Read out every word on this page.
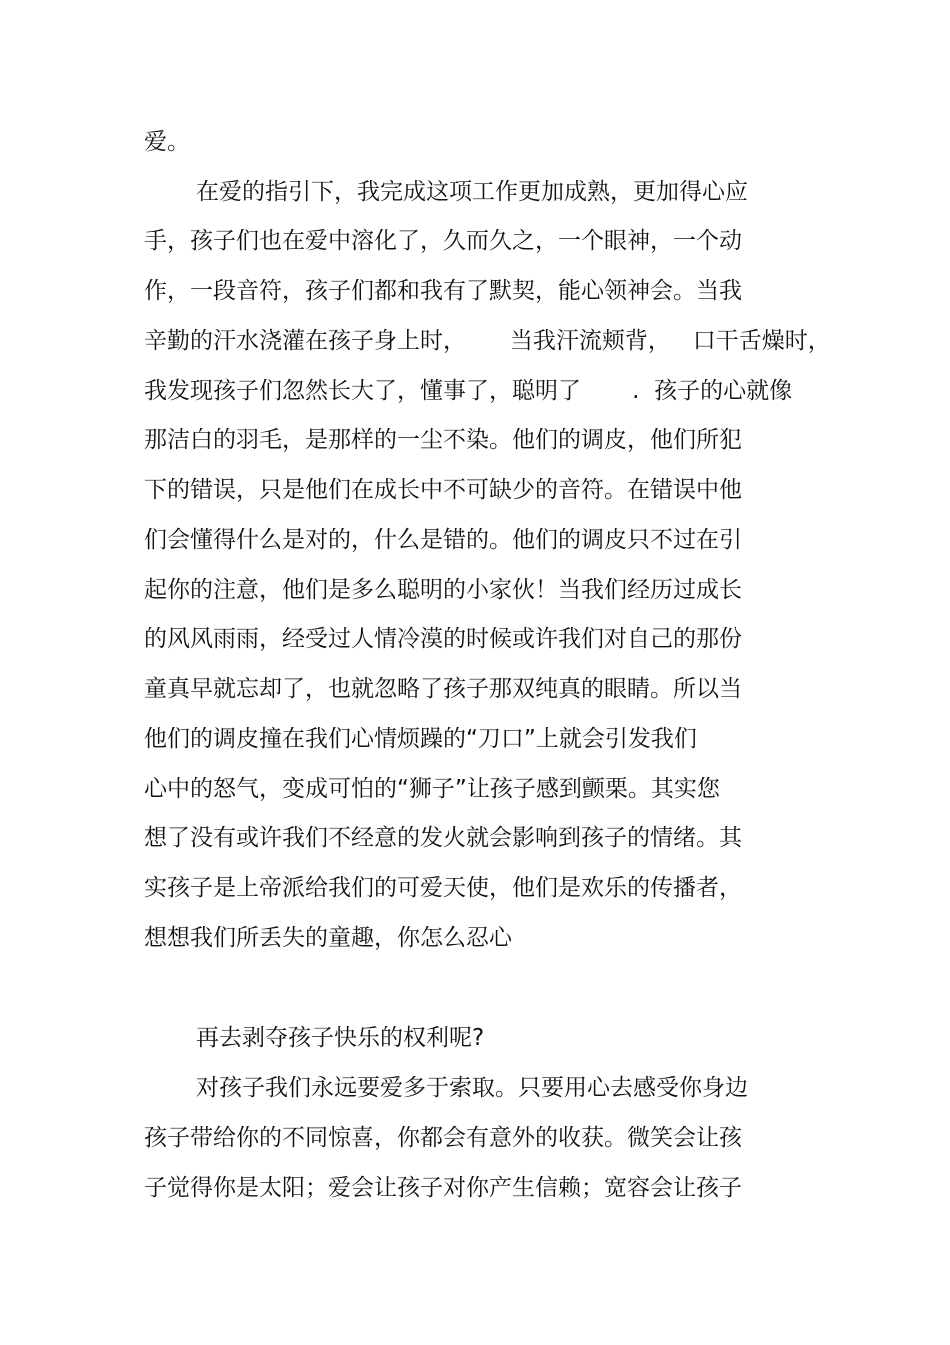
爱。
在爱的指引下，我完成这项工作更加成熟，更加得心应
手，孩子们也在爱中溶化了，久而久之，一个眼神，一个动
作，一段音符，孩子们都和我有了默契，能心领神会。当我
辛勤的汗水浇灌在孩子身上时，      当我汗流颊背，   口干舌燥时，
我发现孩子们忽然长大了，懂事了，聪明了       .  孩子的心就像
那洁白的羽毛，是那样的一尘不染。他们的调皮，他们所犯
下的错误，只是他们在成长中不可缺少的音符。在错误中他
们会懂得什么是对的，什么是错的。他们的调皮只不过在引
起你的注意，他们是多么聪明的小家伙！当我们经历过成长
的风风雨雨，经受过人情冷漠的时候或许我们对自己的那份
童真早就忘却了，也就忽略了孩子那双纯真的眼睛。所以当
他们的调皮撞在我们心情烦躁的“刀口”上就会引发我们
心中的怒气，变成可怕的“狮子”让孩子感到颤栗。其实您
想了没有或许我们不经意的发火就会影响到孩子的情绪。其
实孩子是上帝派给我们的可爱天使，他们是欢乐的传播者，
想想我们所丢失的童趣，你怎么忍心
再去剥夺孩子快乐的权利呢?
对孩子我们永远要爱多于索取。只要用心去感受你身边
孩子带给你的不同惊喜，你都会有意外的收获。微笑会让孩
子觉得你是太阳；爱会让孩子对你产生信赖；宽容会让孩子
